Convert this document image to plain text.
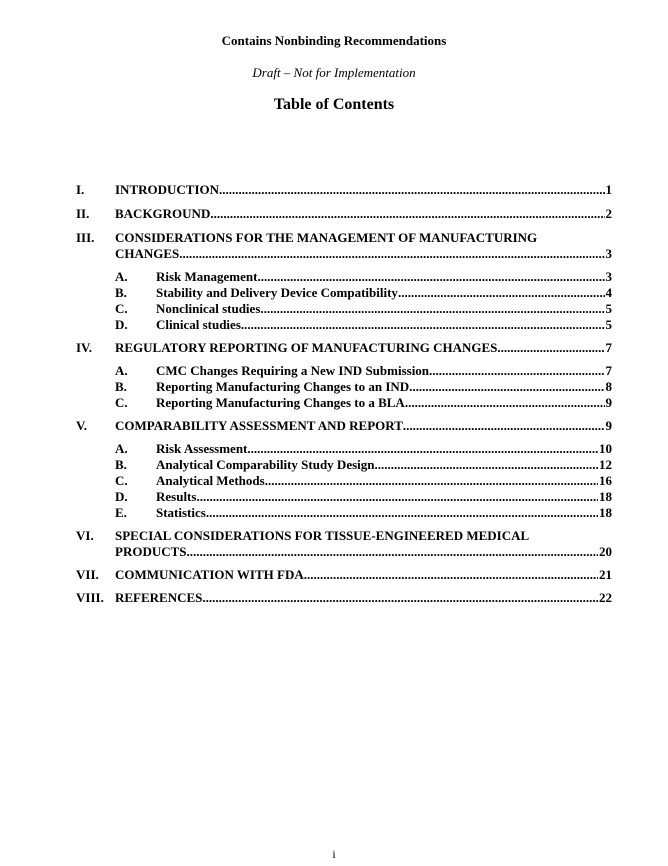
Contains Nonbinding Recommendations

Draft – Not for Implementation

Table of Contents
I.	INTRODUCTION .....	1
II.	BACKGROUND .....	2
III.	CONSIDERATIONS FOR THE MANAGEMENT OF MANUFACTURING
CHANGES .....	3
A.	Risk Management .....	3
B.	Stability and Delivery Device Compatibility .....	4
C.	Nonclinical studies .....	5
D.	Clinical studies .....	5
IV.	REGULATORY REPORTING OF MANUFACTURING CHANGES .....	7
A.	CMC Changes Requiring a New IND Submission .....	7
B.	Reporting Manufacturing Changes to an IND .....	8
C.	Reporting Manufacturing Changes to a BLA .....	9
V.	COMPARABILITY ASSESSMENT AND REPORT .....	9
A.	Risk Assessment .....	10
B.	Analytical Comparability Study Design .....	12
C.	Analytical Methods .....	16
D.	Results .....	18
E.	Statistics .....	18
VI.	SPECIAL CONSIDERATIONS FOR TISSUE-ENGINEERED MEDICAL
PRODUCTS .....	20
VII.	COMMUNICATION WITH FDA .....	21
VIII. REFERENCES .....	22
i
